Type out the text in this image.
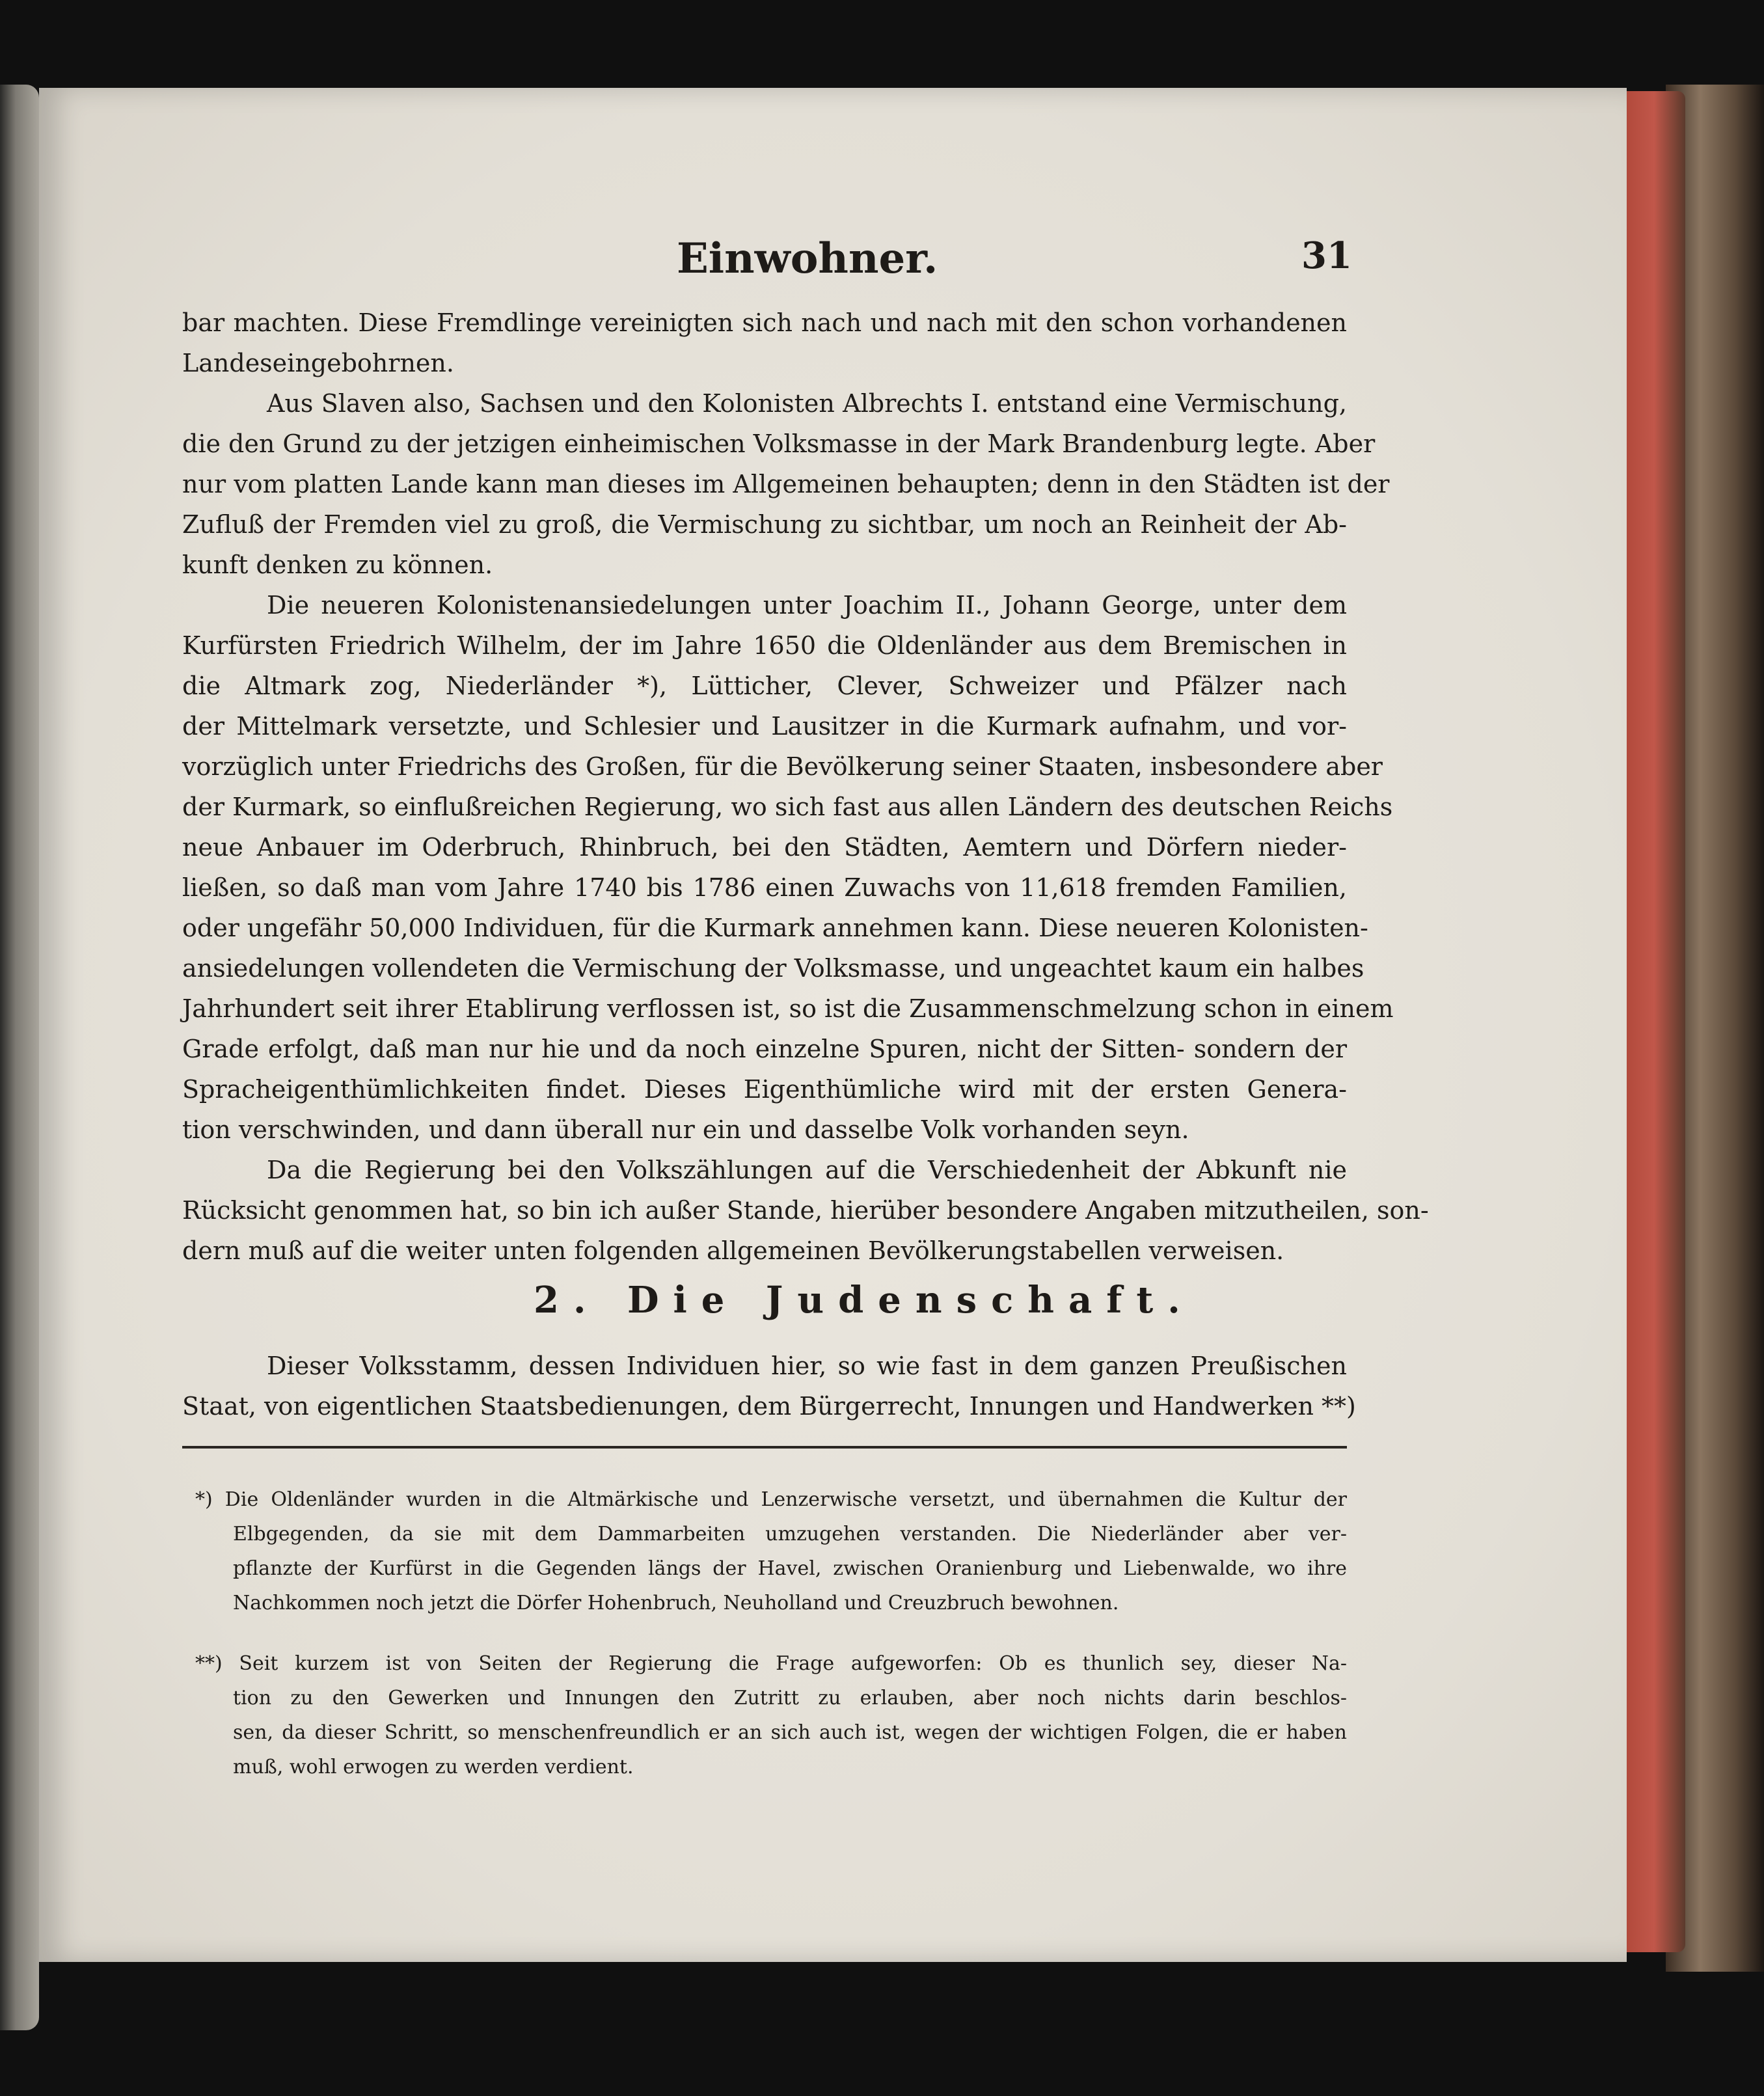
Einwohner.	31
bar machten. Diese Fremdlinge vereinigten sich nach und nach mit den schon vorhandenen
Landeseingebohrnen.
Aus Slaven also, Sachsen und den Kolonisten Albrechts I. entstand eine Vermischung,
die den Grund zu der jetzigen einheimischen Volksmasse in der Mark Brandenburg legte. Aber
nur vom platten Lande kann man dieses im Allgemeinen behaupten; denn in den Städten ist der
Zufluß der Fremden viel zu groß, die Vermischung zu sichtbar, um noch an Reinheit der Ab-
kunft denken zu können.
Die neueren Kolonistenansiedelungen unter Joachim II., Johann George, unter dem
Kurfürsten Friedrich Wilhelm, der im Jahre 1650 die Oldenländer aus dem Bremischen in
die Altmark zog, Niederländer *), Lütticher, Clever, Schweizer und Pfälzer nach
der Mittelmark versetzte, und Schlesier und Lausitzer in die Kurmark aufnahm, und vor-
vorzüglich unter Friedrichs des Großen, für die Bevölkerung seiner Staaten, insbesondere aber
der Kurmark, so einflußreichen Regierung, wo sich fast aus allen Ländern des deutschen Reichs
neue Anbauer im Oderbruch, Rhinbruch, bei den Städten, Aemtern und Dörfern nieder-
ließen, so daß man vom Jahre 1740 bis 1786 einen Zuwachs von 11,618 fremden Familien,
oder ungefähr 50,000 Individuen, für die Kurmark annehmen kann. Diese neueren Kolonisten-
ansiedelungen vollendeten die Vermischung der Volksmasse, und ungeachtet kaum ein halbes
Jahrhundert seit ihrer Etablirung verflossen ist, so ist die Zusammenschmelzung schon in einem
Grade erfolgt, daß man nur hie und da noch einzelne Spuren, nicht der Sitten- sondern der
Spracheigenthümlichkeiten findet. Dieses Eigenthümliche wird mit der ersten Genera-
tion verschwinden, und dann überall nur ein und dasselbe Volk vorhanden seyn.
Da die Regierung bei den Volkszählungen auf die Verschiedenheit der Abkunft nie
Rücksicht genommen hat, so bin ich außer Stande, hierüber besondere Angaben mitzutheilen, son-
dern muß auf die weiter unten folgenden allgemeinen Bevölkerungstabellen verweisen.
2. Die Judenschaft.
Dieser Volksstamm, dessen Individuen hier, so wie fast in dem ganzen Preußischen
Staat, von eigentlichen Staatsbedienungen, dem Bürgerrecht, Innungen und Handwerken **)
*) Die Oldenländer wurden in die Altmärkische und Lenzerwische versetzt, und übernahmen die Kultur der
Elbgegenden, da sie mit dem Dammarbeiten umzugehen verstanden. Die Niederländer aber ver-
pflanzte der Kurfürst in die Gegenden längs der Havel, zwischen Oranienburg und Liebenwalde, wo ihre
Nachkommen noch jetzt die Dörfer Hohenbruch, Neuholland und Creuzbruch bewohnen.
**) Seit kurzem ist von Seiten der Regierung die Frage aufgeworfen: Ob es thunlich sey, dieser Na-
tion zu den Gewerken und Innungen den Zutritt zu erlauben, aber noch nichts darin beschlos-
sen, da dieser Schritt, so menschenfreundlich er an sich auch ist, wegen der wichtigen Folgen, die er haben
muß, wohl erwogen zu werden verdient.
